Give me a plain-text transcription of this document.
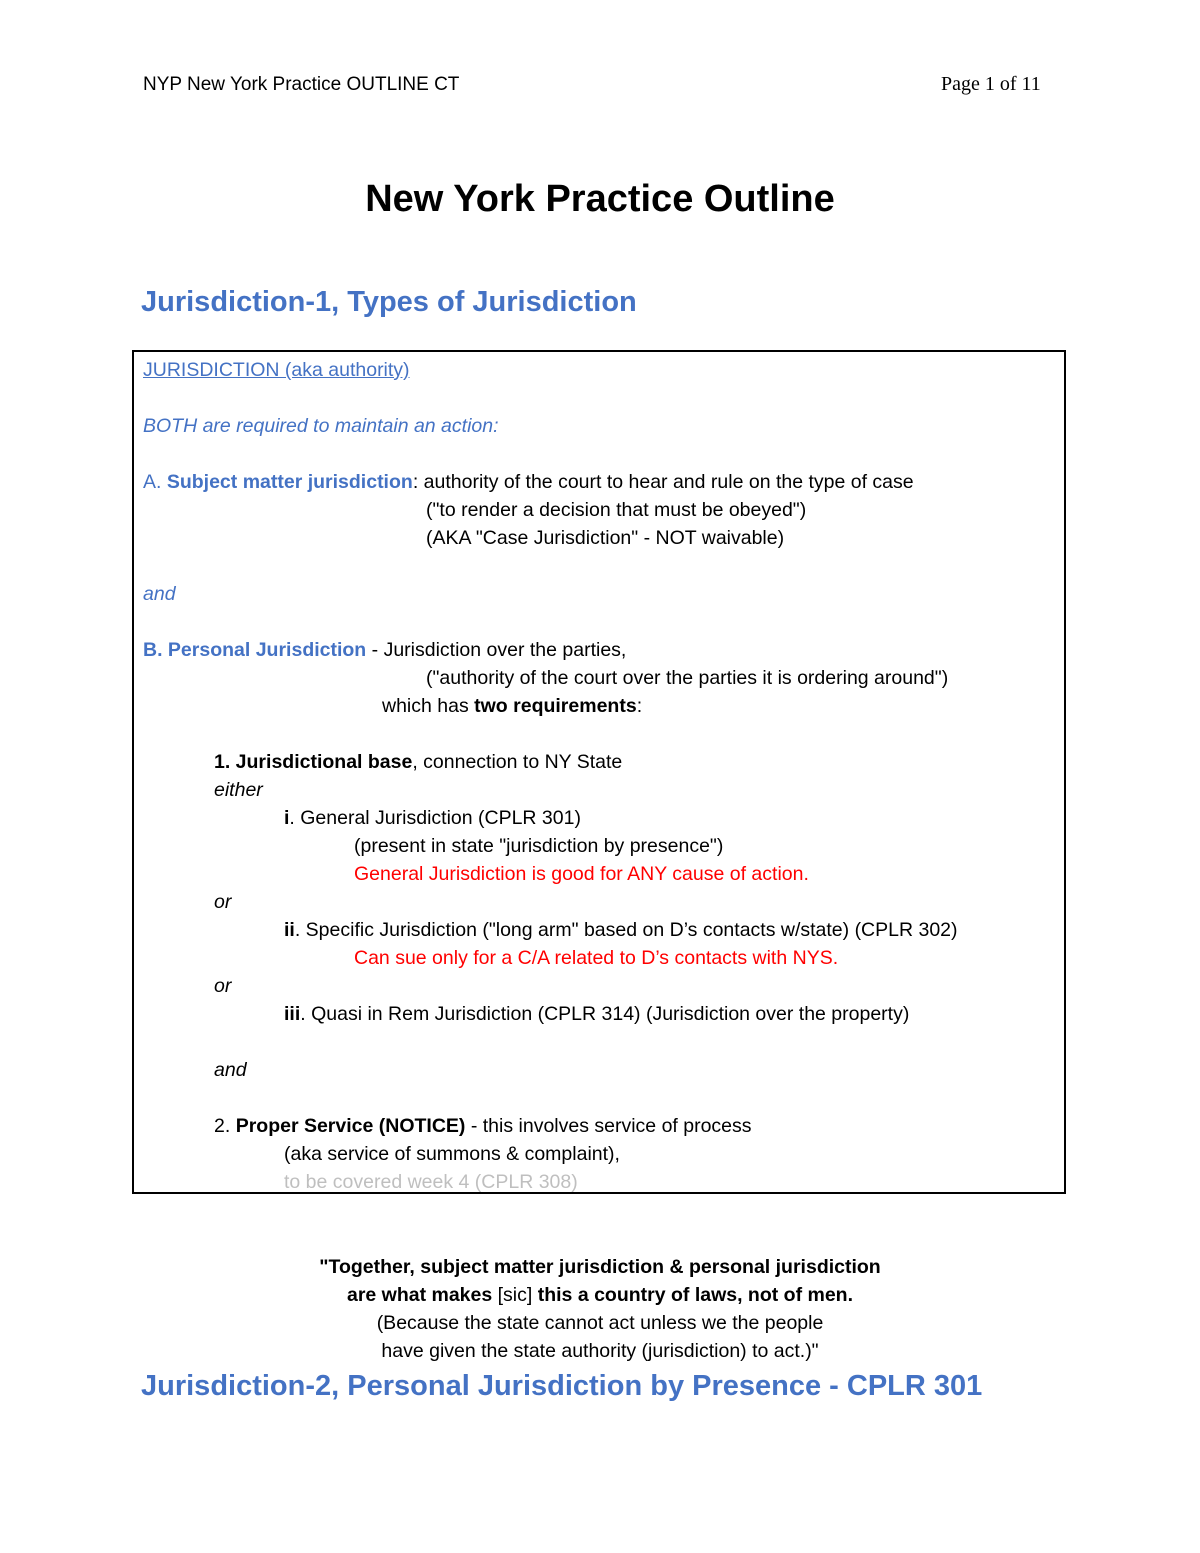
NYP New York Practice OUTLINE CT	Page 1 of 11
New York Practice Outline
Jurisdiction-1, Types of Jurisdiction
JURISDICTION (aka authority)
BOTH are required to maintain an action:
A. Subject matter jurisdiction: authority of the court to hear and rule on the type of case
("to render a decision that must be obeyed")
(AKA "Case Jurisdiction" - NOT waivable)
and
B. Personal Jurisdiction - Jurisdiction over the parties,
("authority of the court over the parties it is ordering around")
which has two requirements:
1. Jurisdictional base, connection to NY State
either
i. General Jurisdiction (CPLR 301)
(present in state "jurisdiction by presence")
General Jurisdiction is good for ANY cause of action.
or
ii. Specific Jurisdiction ("long arm" based on D’s contacts w/state) (CPLR 302)
Can sue only for a C/A related to D’s contacts with NYS.
or
iii. Quasi in Rem Jurisdiction (CPLR 314) (Jurisdiction over the property)
and
2. Proper Service (NOTICE) - this involves service of process
(aka service of summons & complaint),
to be covered week 4 (CPLR 308)
"Together, subject matter jurisdiction & personal jurisdiction
are what makes [sic] this a country of laws, not of men.
(Because the state cannot act unless we the people
have given the state authority (jurisdiction) to act.)"
Jurisdiction-2, Personal Jurisdiction by Presence - CPLR 301
